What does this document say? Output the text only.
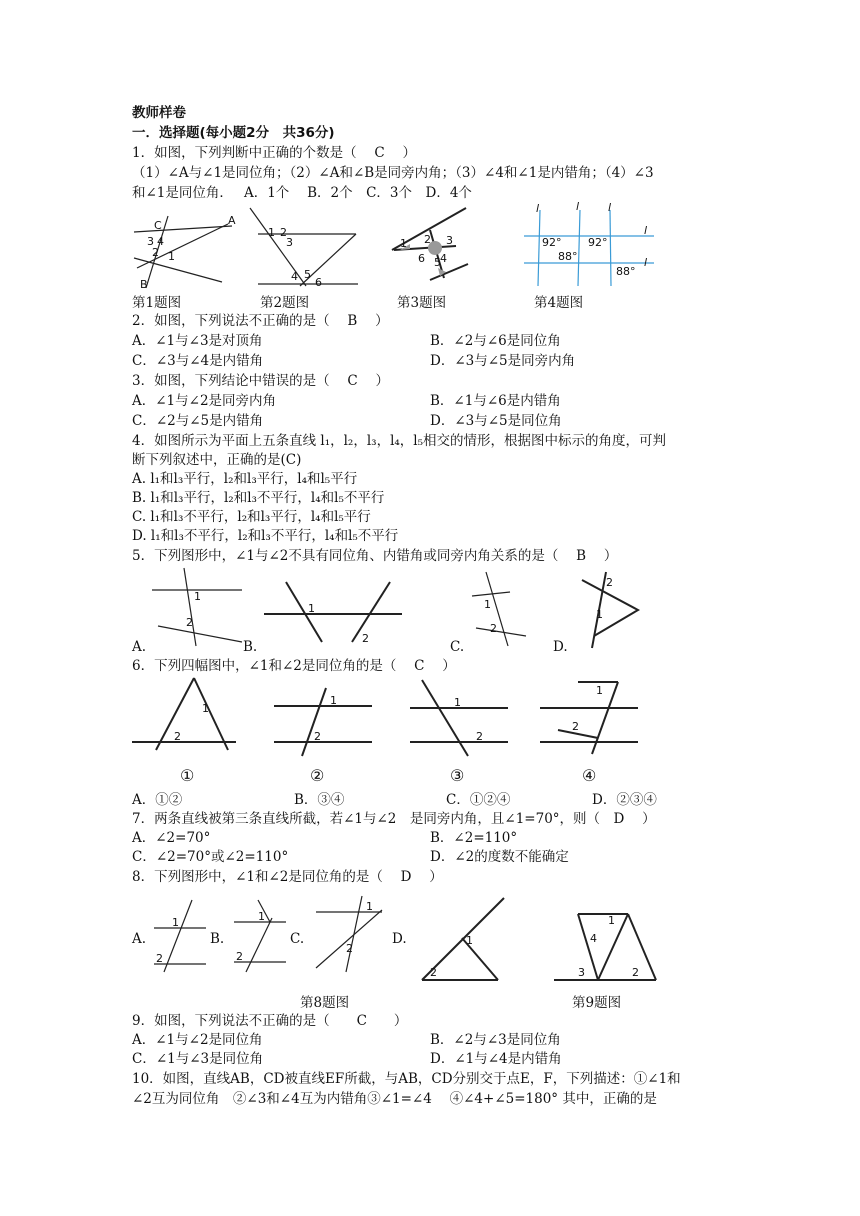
教师样卷
一．选择题(每小题2分　共36分)
1．如图，下列判断中正确的个数是（　 C　 ）
（1）∠A与∠1是同位角；（2）∠A和∠B是同旁内角；（3）∠4和∠1是内错角；（4）∠3
和∠1是同位角．　 A．1个　 B．2个　C．3个　D．4个
C	A
3 4
2 1
B
1 2
3
4 5
6
1 2 3
6 5 4
l	l	l
l
l
92° 92°
88°
88°
第1题图	第2题图	第3题图	第4题图
2．如图，下列说法不正确的是（　 B　 ）
A．∠1与∠3是对顶角	B．∠2与∠6是同位角
C．∠3与∠4是内错角	D．∠3与∠5是同旁内角
3．如图，下列结论中错误的是（　 C　 ）
A．∠1与∠2是同旁内角	B．∠1与∠6是内错角
C．∠2与∠5是内错角	D．∠3与∠5是同位角
4．如图所示为平面上五条直线 l₁，l₂，l₃，l₄，l₅相交的情形，根据图中标示的角度，可判
断下列叙述中，正确的是(C)
A. l₁和l₃平行，l₂和l₃平行，l₄和l₅平行
B. l₁和l₃平行，l₂和l₃不平行，l₄和l₅不平行
C. l₁和l₃不平行，l₂和l₃平行，l₄和l₅平行
D. l₁和l₃不平行，l₂和l₃不平行，l₄和l₅不平行
5．下列图形中，∠1与∠2不具有同位角、内错角或同旁内角关系的是（　 B　 ）
1
2
A.
1
2
B.
1
2
C.
2
1
D.
6．下列四幅图中，∠1和∠2是同位角的是（　 C　 ）
1
2
①
1
2
②
1
2
③
1
2
④
A．①②	B．③④	C．①②④	D．②③④
7．两条直线被第三条直线所截，若∠1与∠2　是同旁内角，且∠1=70°，则（　D　 ）
A．∠2=70°	B．∠2=110°
C．∠2=70°或∠2=110°	D．∠2的度数不能确定
8．下列图形中，∠1和∠2是同位角的是（　 D　 ）
A.
1
2
B.
1
2
C.
1
2
D.	1
2
1
4
3	2
第8题图	第9题图
9．如图，下列说法不正确的是（　　C　　）
A．∠1与∠2是同位角	B．∠2与∠3是同位角
C．∠1与∠3是同位角	D．∠1与∠4是内错角
10．如图，直线AB，CD被直线EF所截，与AB，CD分别交于点E，F，下列描述：①∠1和
∠2互为同位角　②∠3和∠4互为内错角③∠1=∠4　 ④∠4+∠5=180° 其中，正确的是
